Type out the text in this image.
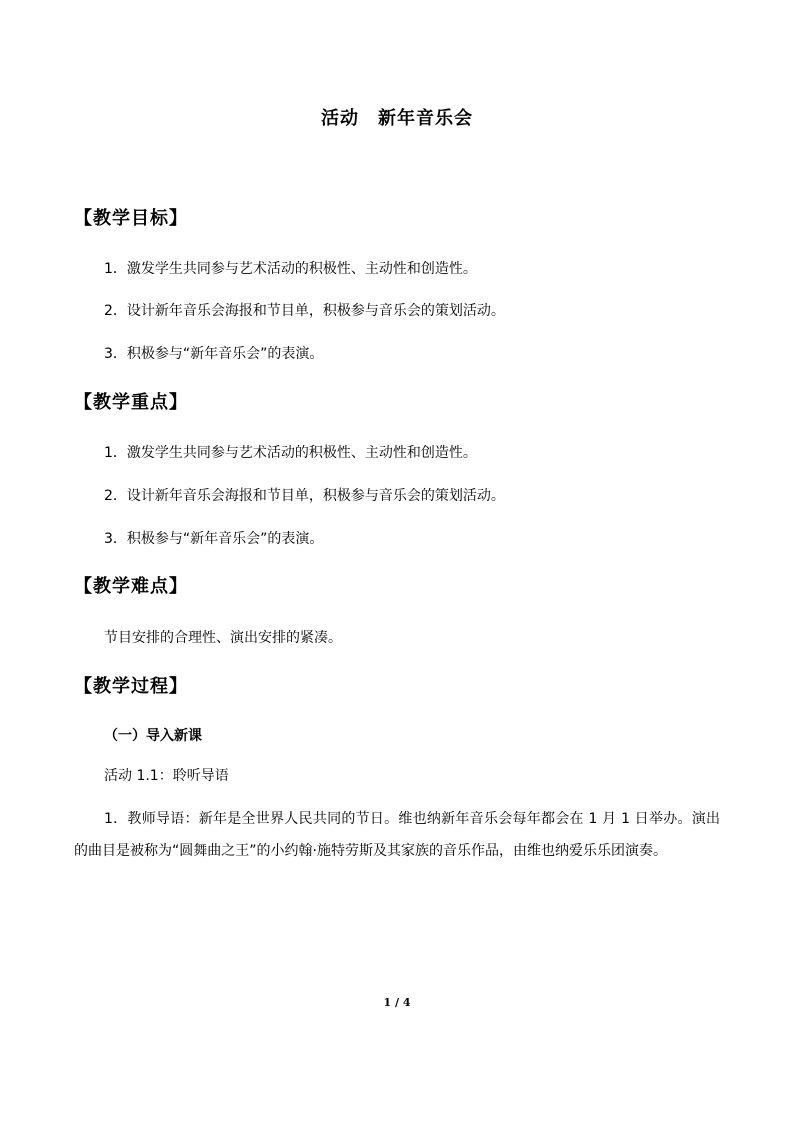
活动　新年音乐会
【教学目标】
1．激发学生共同参与艺术活动的积极性、主动性和创造性。
2．设计新年音乐会海报和节目单，积极参与音乐会的策划活动。
3．积极参与“新年音乐会”的表演。
【教学重点】
1．激发学生共同参与艺术活动的积极性、主动性和创造性。
2．设计新年音乐会海报和节目单，积极参与音乐会的策划活动。
3．积极参与“新年音乐会”的表演。
【教学难点】
节目安排的合理性、演出安排的紧凑。
【教学过程】
（一）导入新课
活动 1.1：聆听导语
1．教师导语：新年是全世界人民共同的节日。维也纳新年音乐会每年都会在 1 月 1 日举办。演出的曲目是被称为“圆舞曲之王”的小约翰·施特劳斯及其家族的音乐作品，由维也纳爱乐乐团演奏。
1 / 4
